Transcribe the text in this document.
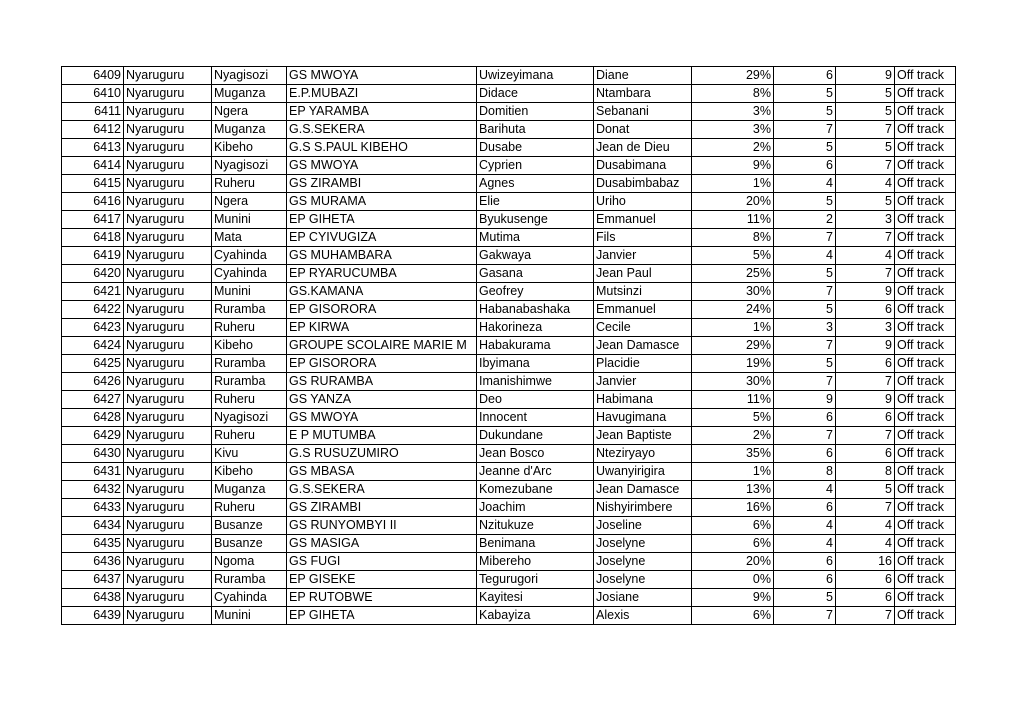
6409	Nyaruguru	Nyagisozi	GS MWOYA	Uwizeyimana	Diane	29%	6	9	Off track
6410	Nyaruguru	Muganza	E.P.MUBAZI	Didace	Ntambara	8%	5	5	Off track
6411	Nyaruguru	Ngera	EP YARAMBA	Domitien	Sebanani	3%	5	5	Off track
6412	Nyaruguru	Muganza	G.S.SEKERA	Barihuta	Donat	3%	7	7	Off track
6413	Nyaruguru	Kibeho	G.S S.PAUL KIBEHO	Dusabe	Jean de Dieu	2%	5	5	Off track
6414	Nyaruguru	Nyagisozi	GS MWOYA	Cyprien	Dusabimana	9%	6	7	Off track
6415	Nyaruguru	Ruheru	GS ZIRAMBI	Agnes	Dusabimbabaz	1%	4	4	Off track
6416	Nyaruguru	Ngera	GS MURAMA	Elie	Uriho	20%	5	5	Off track
6417	Nyaruguru	Munini	EP GIHETA	Byukusenge	Emmanuel	11%	2	3	Off track
6418	Nyaruguru	Mata	EP CYIVUGIZA	Mutima	Fils	8%	7	7	Off track
6419	Nyaruguru	Cyahinda	GS MUHAMBARA	Gakwaya	Janvier	5%	4	4	Off track
6420	Nyaruguru	Cyahinda	EP RYARUCUMBA	Gasana	Jean Paul	25%	5	7	Off track
6421	Nyaruguru	Munini	GS.KAMANA	Geofrey	Mutsinzi	30%	7	9	Off track
6422	Nyaruguru	Ruramba	EP GISORORA	Habanabashaka	Emmanuel	24%	5	6	Off track
6423	Nyaruguru	Ruheru	EP KIRWA	Hakorineza	Cecile	1%	3	3	Off track
6424	Nyaruguru	Kibeho	GROUPE SCOLAIRE MARIE M	Habakurama	Jean Damasce	29%	7	9	Off track
6425	Nyaruguru	Ruramba	EP GISORORA	Ibyimana	Placidie	19%	5	6	Off track
6426	Nyaruguru	Ruramba	GS RURAMBA	Imanishimwe	Janvier	30%	7	7	Off track
6427	Nyaruguru	Ruheru	GS YANZA	Deo	Habimana	11%	9	9	Off track
6428	Nyaruguru	Nyagisozi	GS MWOYA	Innocent	Havugimana	5%	6	6	Off track
6429	Nyaruguru	Ruheru	E P MUTUMBA	Dukundane	Jean Baptiste	2%	7	7	Off track
6430	Nyaruguru	Kivu	G.S RUSUZUMIRO	Jean Bosco	Nteziryayo	35%	6	6	Off track
6431	Nyaruguru	Kibeho	GS MBASA	Jeanne d'Arc	Uwanyirigira	1%	8	8	Off track
6432	Nyaruguru	Muganza	G.S.SEKERA	Komezubane	Jean Damasce	13%	4	5	Off track
6433	Nyaruguru	Ruheru	GS ZIRAMBI	Joachim	Nishyirimbere	16%	6	7	Off track
6434	Nyaruguru	Busanze	GS RUNYOMBYI II	Nzitukuze	Joseline	6%	4	4	Off track
6435	Nyaruguru	Busanze	GS MASIGA	Benimana	Joselyne	6%	4	4	Off track
6436	Nyaruguru	Ngoma	GS FUGI	Mibereho	Joselyne	20%	6	16	Off track
6437	Nyaruguru	Ruramba	EP GISEKE	Tegurugori	Joselyne	0%	6	6	Off track
6438	Nyaruguru	Cyahinda	EP RUTOBWE	Kayitesi	Josiane	9%	5	6	Off track
6439	Nyaruguru	Munini	EP GIHETA	Kabayiza	Alexis	6%	7	7	Off track
